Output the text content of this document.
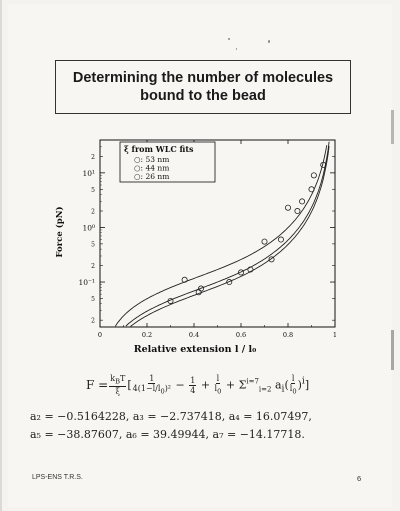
Determining the number of molecules
bound to the bead
0	0.2	0.4	0.6	0.8	1
10⁻¹
10⁰
10¹
2
5
2
5
2
5
2
ξ from WLC fits
○: 53 nm
○: 44 nm
○: 26 nm
Relative extension l / l₀
Force (pN)
$F = \frac{k_BT}{\xi}$ [ $\frac{1}{4(1-l/l_0)^2} - \frac{1}{4} + \frac{l}{l_0} + \Sigma^{i=7}_{i=2}$ $a_i( \frac{l}{l_0} )^i$]
a₂ = −0.5164228, a₃ = −2.737418, a₄ = 16.07497,
a₅ = −38.87607, a₆ = 39.49944, a₇ = −14.17718.
LPS-ENS T.R.S.	6
